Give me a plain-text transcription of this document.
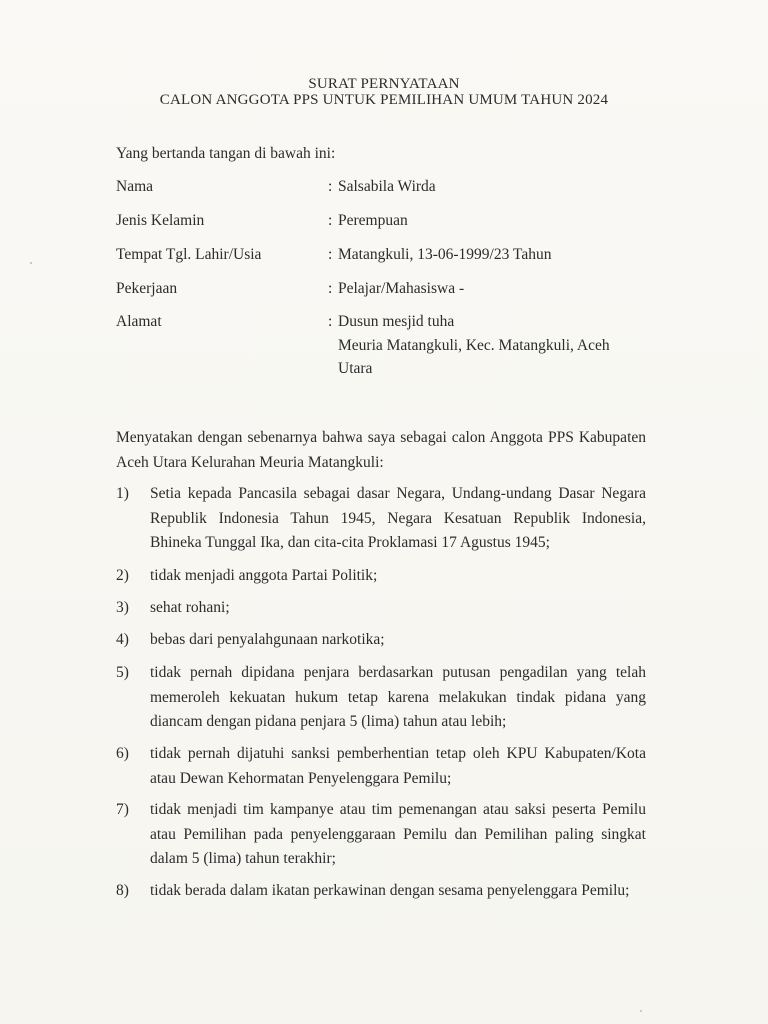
SURAT PERNYATAAN
CALON ANGGOTA PPS UNTUK PEMILIHAN UMUM TAHUN 2024
Yang bertanda tangan di bawah ini:
Nama	: Salsabila Wirda
Jenis Kelamin	: Perempuan
Tempat Tgl. Lahir/Usia	: Matangkuli, 13-06-1999/23 Tahun
Pekerjaan	: Pelajar/Mahasiswa -
Alamat	: Dusun mesjid tuha
Meuria Matangkuli, Kec. Matangkuli, Aceh
Utara
Menyatakan dengan sebenarnya bahwa saya sebagai calon Anggota PPS Kabupaten Aceh Utara Kelurahan Meuria Matangkuli:
1) Setia kepada Pancasila sebagai dasar Negara, Undang-undang Dasar Negara Republik Indonesia Tahun 1945, Negara Kesatuan Republik Indonesia, Bhineka Tunggal Ika, dan cita-cita Proklamasi 17 Agustus 1945;
2) tidak menjadi anggota Partai Politik;
3) sehat rohani;
4) bebas dari penyalahgunaan narkotika;
5) tidak pernah dipidana penjara berdasarkan putusan pengadilan yang telah memeroleh kekuatan hukum tetap karena melakukan tindak pidana yang diancam dengan pidana penjara 5 (lima) tahun atau lebih;
6) tidak pernah dijatuhi sanksi pemberhentian tetap oleh KPU Kabupaten/Kota atau Dewan Kehormatan Penyelenggara Pemilu;
7) tidak menjadi tim kampanye atau tim pemenangan atau saksi peserta Pemilu atau Pemilihan pada penyelenggaraan Pemilu dan Pemilihan paling singkat dalam 5 (lima) tahun terakhir;
8) tidak berada dalam ikatan perkawinan dengan sesama penyelenggara Pemilu;
